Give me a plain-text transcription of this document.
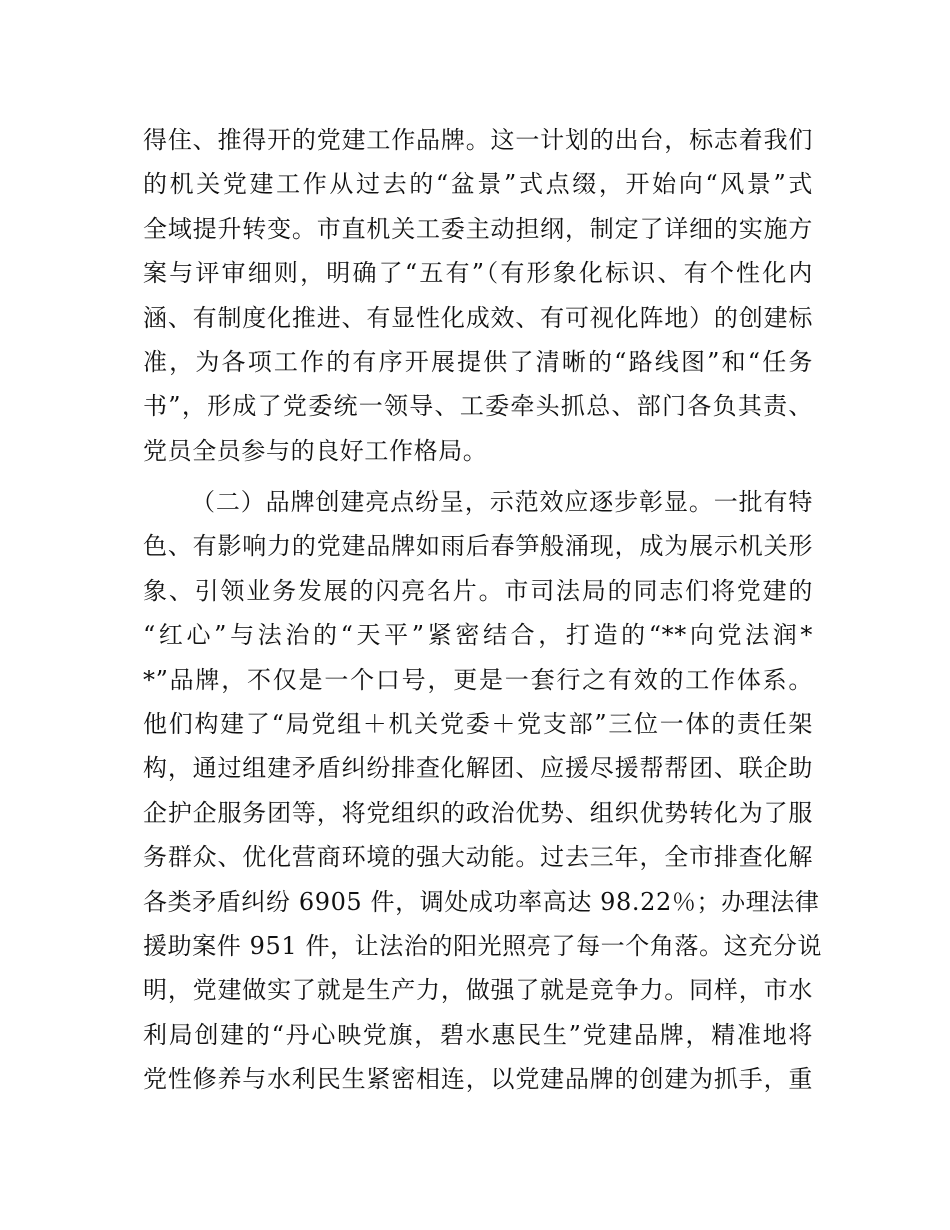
得住、推得开的党建工作品牌。这一计划的出台，标志着我们
的机关党建工作从过去的“盆景”式点缀，开始向“风景”式
全域提升转变。市直机关工委主动担纲，制定了详细的实施方
案与评审细则，明确了“五有”（有形象化标识、有个性化内
涵、有制度化推进、有显性化成效、有可视化阵地）的创建标
准，为各项工作的有序开展提供了清晰的“路线图”和“任务
书”，形成了党委统一领导、工委牵头抓总、部门各负其责、
党员全员参与的良好工作格局。
（二）品牌创建亮点纷呈，示范效应逐步彰显。一批有特
色、有影响力的党建品牌如雨后春笋般涌现，成为展示机关形
象、引领业务发展的闪亮名片。市司法局的同志们将党建的
“红心”与法治的“天平”紧密结合，打造的“**向党法润*
*”品牌，不仅是一个口号，更是一套行之有效的工作体系。
他们构建了“局党组＋机关党委＋党支部”三位一体的责任架
构，通过组建矛盾纠纷排查化解团、应援尽援帮帮团、联企助
企护企服务团等，将党组织的政治优势、组织优势转化为了服
务群众、优化营商环境的强大动能。过去三年，全市排查化解
各类矛盾纠纷 6905 件，调处成功率高达 98.22％；办理法律
援助案件 951 件，让法治的阳光照亮了每一个角落。这充分说
明，党建做实了就是生产力，做强了就是竞争力。同样，市水
利局创建的“丹心映党旗，碧水惠民生”党建品牌，精准地将
党性修养与水利民生紧密相连，以党建品牌的创建为抓手，重
